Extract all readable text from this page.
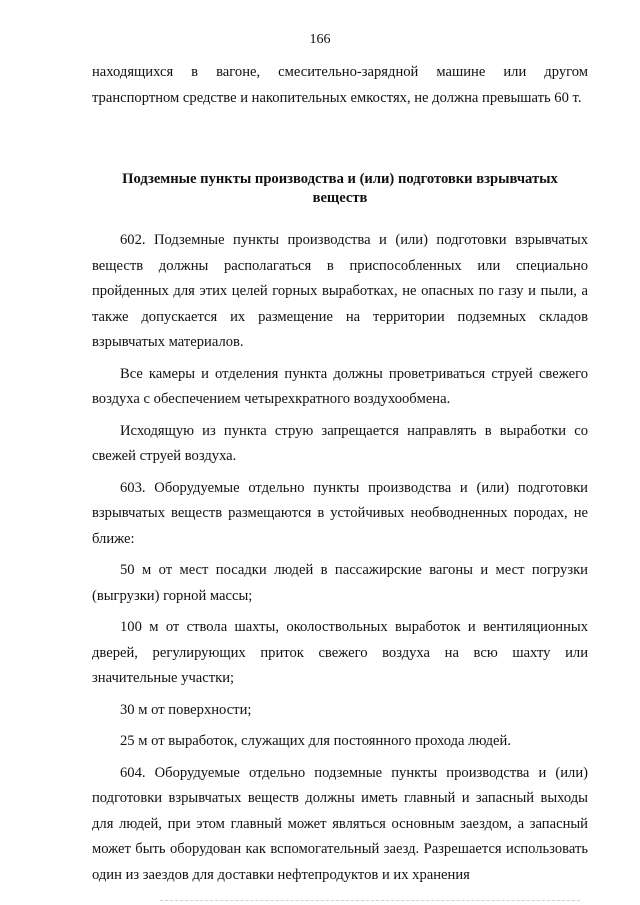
166

находящихся в вагоне, смесительно-зарядной машине или другом транспортном средстве и накопительных емкостях, не должна превышать 60 т.

Подземные пункты производства и (или) подготовки взрывчатых веществ

602. Подземные пункты производства и (или) подготовки взрывчатых веществ должны располагаться в приспособленных или специально пройденных для этих целей горных выработках, не опасных по газу и пыли, а также допускается их размещение на территории подземных складов взрывчатых материалов.

Все камеры и отделения пункта должны проветриваться струей свежего воздуха с обеспечением четырехкратного воздухообмена.

Исходящую из пункта струю запрещается направлять в выработки со свежей струей воздуха.

603. Оборудуемые отдельно пункты производства и (или) подготовки взрывчатых веществ размещаются в устойчивых необводненных породах, не ближе:

50 м от мест посадки людей в пассажирские вагоны и мест погрузки (выгрузки) горной массы;

100 м от ствола шахты, околоствольных выработок и вентиляционных дверей, регулирующих приток свежего воздуха на всю шахту или значительные участки;

30 м от поверхности;

25 м от выработок, служащих для постоянного прохода людей.

604. Оборудуемые отдельно подземные пункты производства и (или) подготовки взрывчатых веществ должны иметь главный и запасный выходы для людей, при этом главный может являться основным заездом, а запасный может быть оборудован как вспомогательный заезд. Разрешается использовать один из заездов для доставки нефтепродуктов и их хранения
